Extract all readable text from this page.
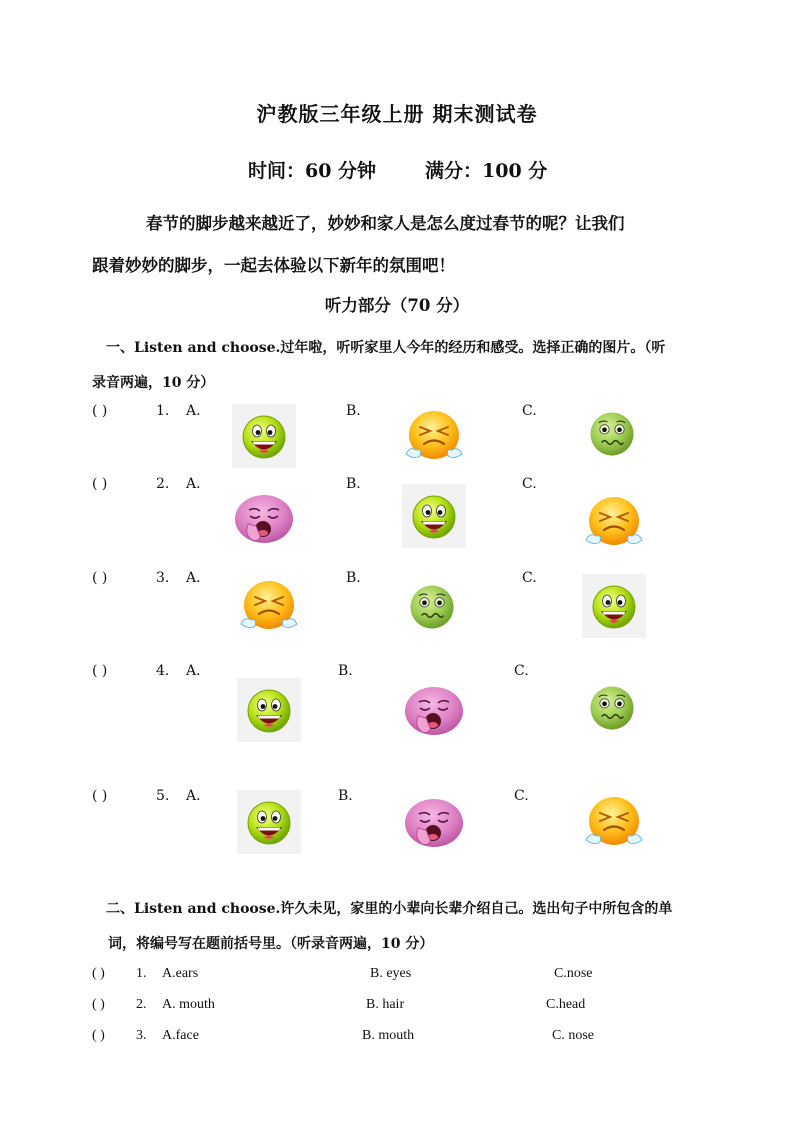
沪教版三年级上册 期末测试卷
时间：60 分钟	满分：100 分
春节的脚步越来越近了，妙妙和家人是怎么度过春节的呢？让我们
跟着妙妙的脚步，一起去体验以下新年的氛围吧！
听力部分（70 分）
一、Listen and choose.过年啦，听听家里人今年的经历和感受。选择正确的图片。（听
录音两遍，10 分）
( )	1. A.	B.	C.
( )	2. A.	B.	C.
( )	3. A.	B.	C.
( )	4. A.	B.	C.
( )	5. A.	B.	C.
二、Listen and choose.许久未见，家里的小辈向长辈介绍自己。选出句子中所包含的单
词，将编号写在题前括号里。（听录音两遍，10 分）
( ) 1. A.ears	B. eyes	C.nose
( ) 2. A. mouth	B. hair	C.head
( ) 3. A.face	B. mouth	C. nose
